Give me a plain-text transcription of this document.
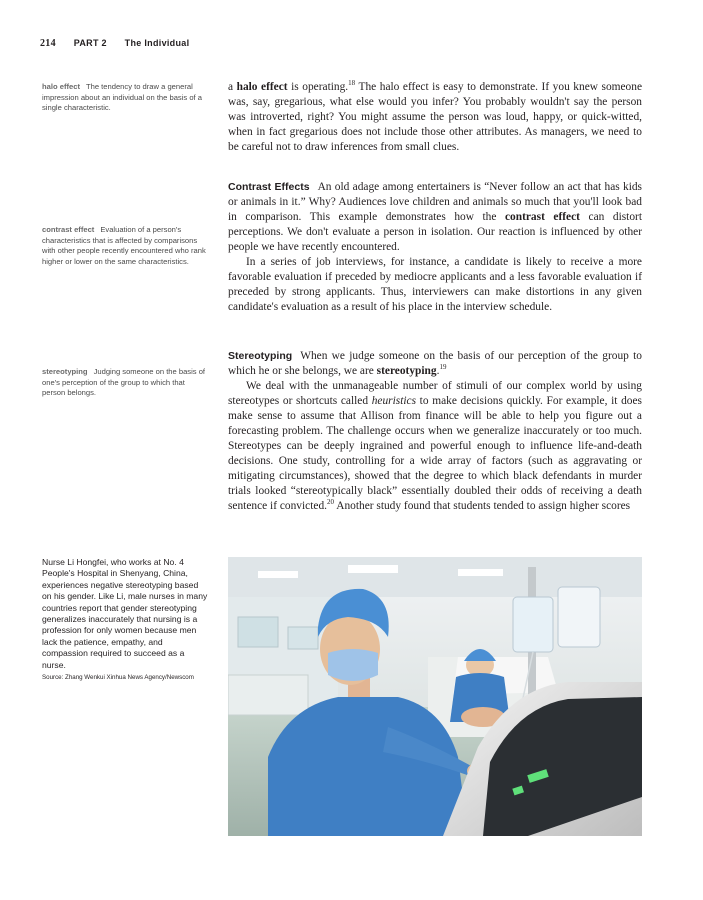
214 PART 2 The Individual
halo effect The tendency to draw a general impression about an individual on the basis of a single characteristic.
contrast effect Evaluation of a person's characteristics that is affected by comparisons with other people recently encountered who rank higher or lower on the same characteristics.
stereotyping Judging someone on the basis of one's perception of the group to which that person belongs.

a halo effect is operating.$^{18}$ The halo effect is easy to demonstrate. If you knew someone was, say, gregarious, what else would you infer? You probably wouldn't say the person was introverted, right? You might assume the person was loud, happy, or quick-witted, when in fact gregarious does not include those other attributes. As managers, we need to be careful not to draw inferences from small clues.

Contrast Effects An old adage among entertainers is “Never follow an act that has kids or animals in it.” Why? Audiences love children and animals so much that you'll look bad in comparison. This example demonstrates how the contrast effect can distort perceptions. We don't evaluate a person in isolation. Our reaction is influenced by other people we have recently encountered.

In a series of job interviews, for instance, a candidate is likely to receive a more favorable evaluation if preceded by mediocre applicants and a less favorable evaluation if preceded by strong applicants. Thus, interviewers can make distortions in any given candidate's evaluation as a result of his place in the interview schedule.

Stereotyping When we judge someone on the basis of our perception of the group to which he or she belongs, we are stereotyping.$^{19}$

We deal with the unmanageable number of stimuli of our complex world by using stereotypes or shortcuts called heuristics to make decisions quickly. For example, it does make sense to assume that Allison from finance will be able to help you figure out a forecasting problem. The challenge occurs when we generalize inaccurately or too much. Stereotypes can be deeply ingrained and powerful enough to influence life-and-death decisions. One study, controlling for a wide array of factors (such as aggravating or mitigating circumstances), showed that the degree to which black defendants in murder trials looked “stereotypically black” essentially doubled their odds of receiving a death sentence if convicted.$^{20}$ Another study found that students tended to assign higher scores

Nurse Li Hongfei, who works at No. 4 People's Hospital in Shenyang, China, experiences negative stereotyping based on his gender. Like Li, male nurses in many countries report that gender stereotyping generalizes inaccurately that nursing is a profession for only women because men lack the patience, empathy, and compassion required to succeed as a nurse.
Source: Zhang Wenkui Xinhua News Agency/Newscom
